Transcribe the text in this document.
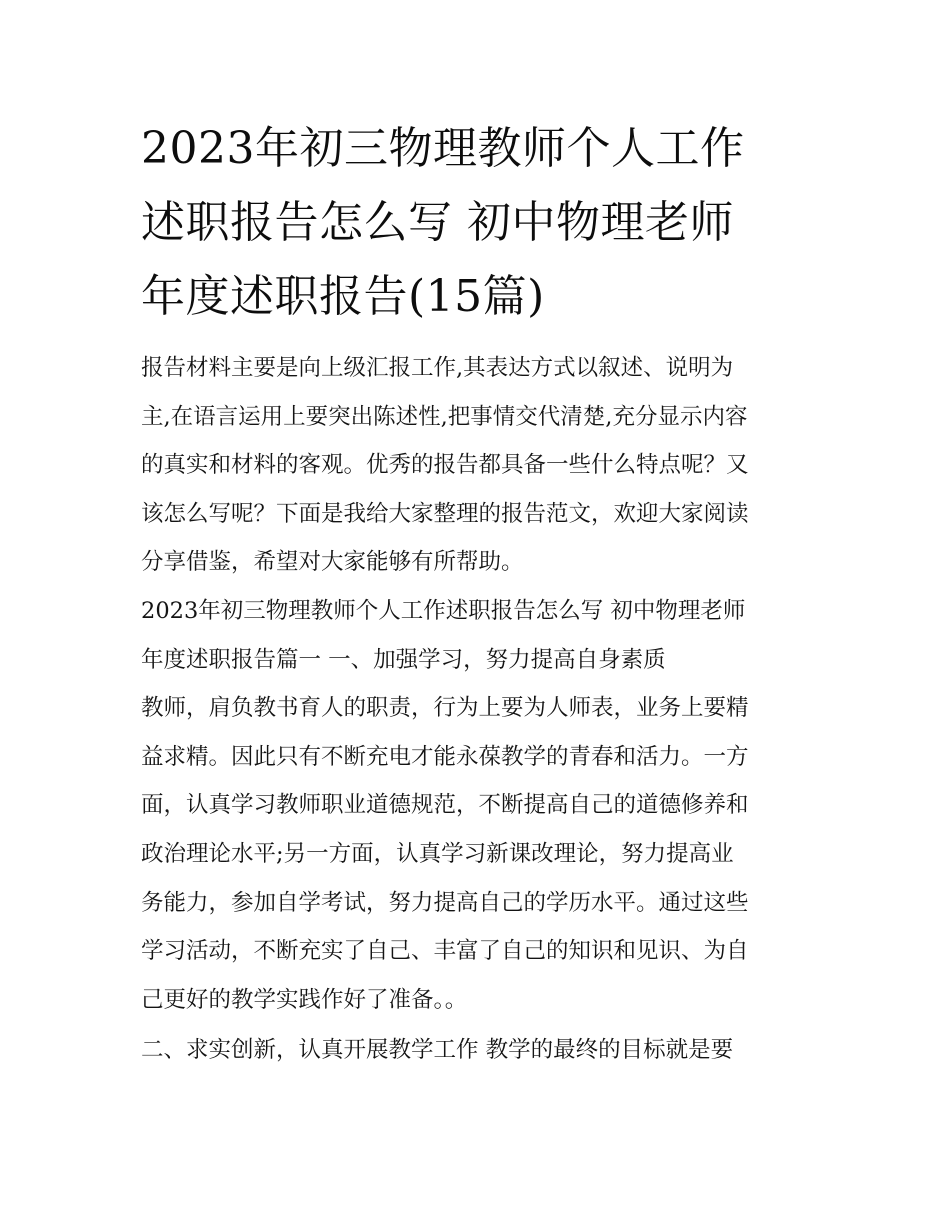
2023年初三物理教师个人工作
述职报告怎么写 初中物理老师
年度述职报告(15篇)

报告材料主要是向上级汇报工作,其表达方式以叙述、说明为
主,在语言运用上要突出陈述性,把事情交代清楚,充分显示内容
的真实和材料的客观。优秀的报告都具备一些什么特点呢？又
该怎么写呢？下面是我给大家整理的报告范文，欢迎大家阅读
分享借鉴，希望对大家能够有所帮助。

2023年初三物理教师个人工作述职报告怎么写 初中物理老师
年度述职报告篇一 一、加强学习，努力提高自身素质

教师，肩负教书育人的职责，行为上要为人师表，业务上要精
益求精。因此只有不断充电才能永葆教学的青春和活力。一方
面，认真学习教师职业道德规范，不断提高自己的道德修养和
政治理论水平;另一方面，认真学习新课改理论，努力提高业
务能力，参加自学考试，努力提高自己的学历水平。通过这些
学习活动，不断充实了自己、丰富了自己的知识和见识、为自
己更好的教学实践作好了准备。。

二、求实创新，认真开展教学工作 教学的最终的目标就是要
